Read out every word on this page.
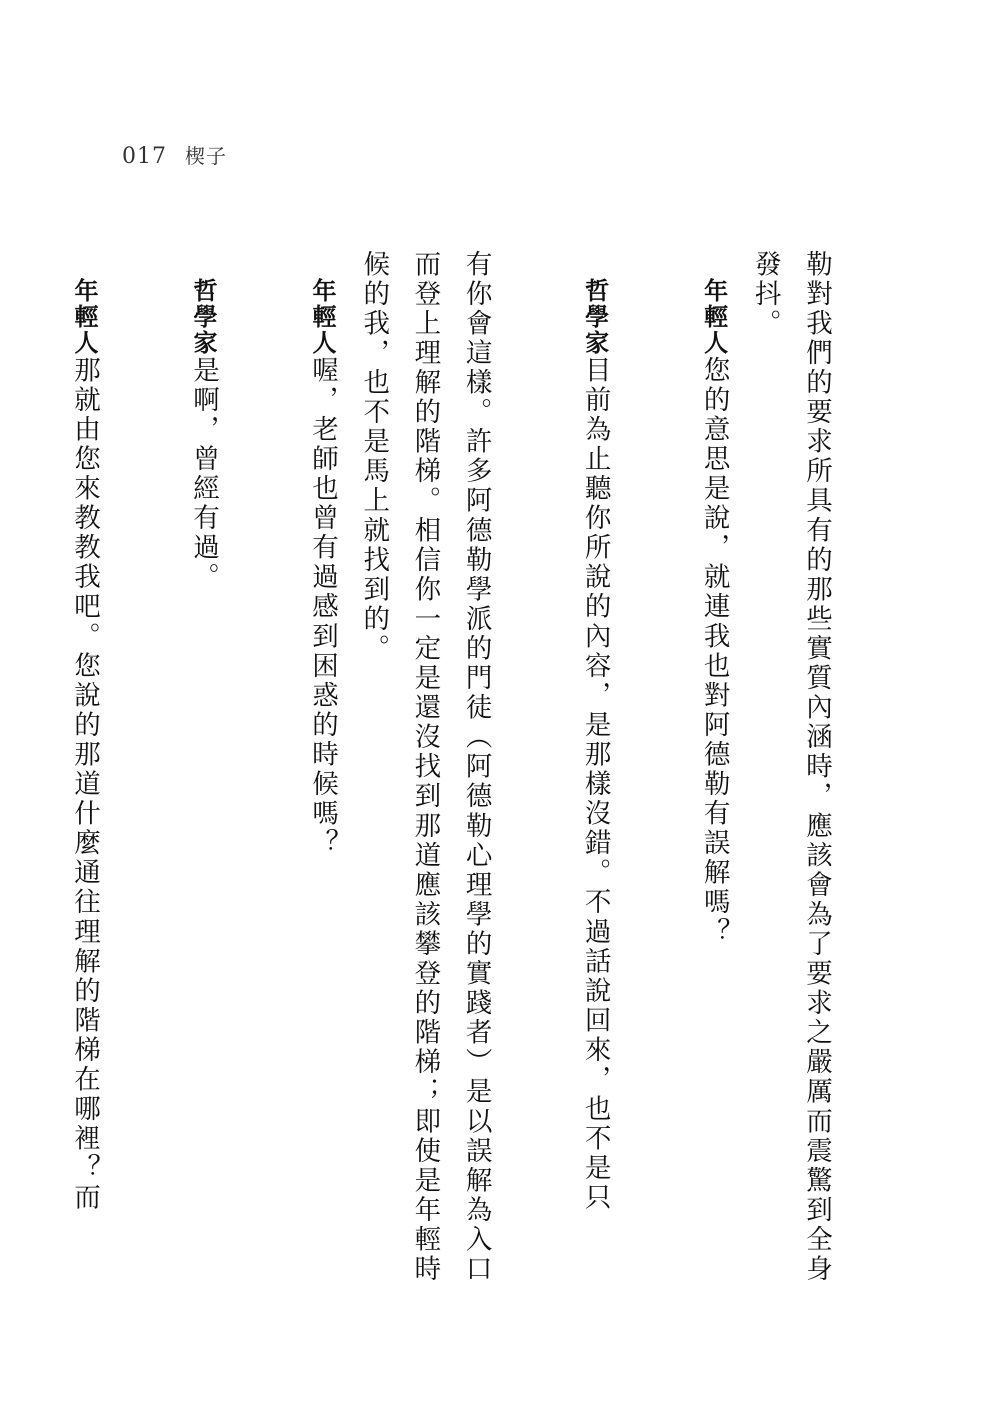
017 楔子
勒對我們的要求所具有的那些實質內涵時，應該會為了要求之嚴厲而震驚到全身
發抖。
年輕人您的意思是說，就連我也對阿德勒有誤解嗎？
哲學家目前為止聽你所說的內容，是那樣沒錯。不過話說回來，也不是只
有你會這樣。許多阿德勒學派的門徒（阿德勒心理學的實踐者）是以誤解為入口
而登上理解的階梯。相信你一定是還沒找到那道應該攀登的階梯；即使是年輕時
候的我，也不是馬上就找到的。
年輕人喔，老師也曾有過感到困惑的時候嗎？
哲學家是啊，曾經有過。
年輕人那就由您來教教我吧。您說的那道什麼通往理解的階梯在哪裡？而
